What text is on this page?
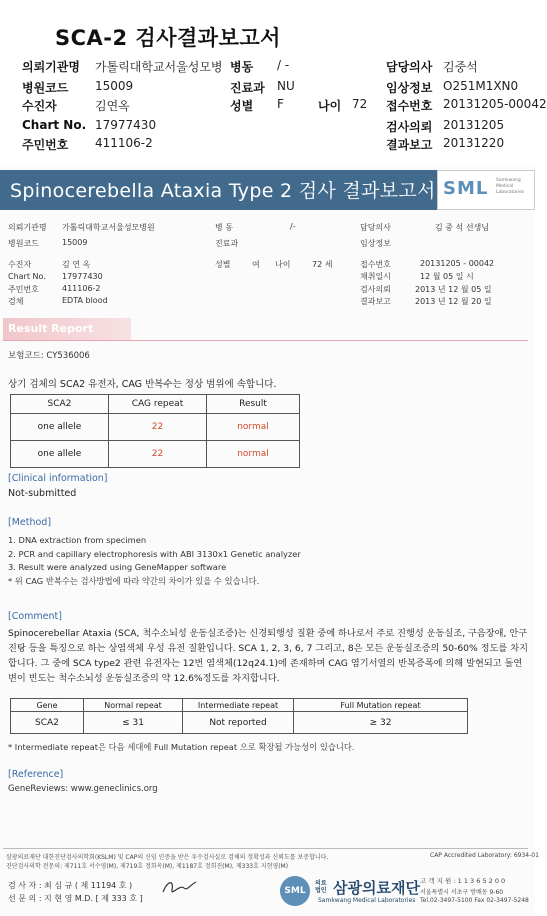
SCA-2 검사결과보고서
의뢰기관명 가톨릭대학교서울성모병 병동 / -	담당의사 김중석
병원코드 15009	진료과 NU	임상정보 O251M1XN0
수진자	김연옥	성별 F	나이 72 접수번호 20131205-00042
Chart No. 17977430	검사의뢰 20131205
주민번호 411106-2	결과보고 20131220
Spinocerebella Ataxia Type 2 검사 결과보고서 SML Samkwang Medical Laboratories
의뢰기관명 가톨릭대학교서울성모병원
병원코드	15009
수진자	김 연 옥
Chart No. 17977430
주민번호	411106-2
검체	EDTA blood
병 동	/-
진료과
성별	여 나이	72 세
담당의사	김 중 석 선생님
임상정보
접수번호	20131205 - 00042
채취일시	12 월 05 일 시
검사의뢰	2013 년 12 월 05 일
결과보고	2013 년 12 월 20 일
Result Report
보험코드: CY536006
상기 검체의 SCA2 유전자, CAG 반복수는 정상 범위에 속합니다.
SCA2	CAG repeat	Result
one allele	22	normal
one allele	22	normal
[Clinical information]
Not-submitted
[Method]
1. DNA extraction from specimen
2. PCR and capillary electrophoresis with ABI 3130x1 Genetic analyzer
3. Result were analyzed using GeneMapper software
* 위 CAG 반복수는 검사방법에 따라 약간의 차이가 있을 수 있습니다.
[Comment]
Spinocerebellar Ataxia (SCA, 척수소뇌성 운동실조증)는 신경퇴행성 질환 중에 하나로서 주로 진행성 운동실조, 구음장애, 안구진탕 등을 특징으로 하는 상염색체 우성 유전 질환입니다. SCA 1, 2, 3, 6, 7 그리고, 8은 모든 운동실조증의 50-60% 정도를 차지합니다. 그 중에 SCA type2 관련 유전자는 12번 염색체(12q24.1)에 존재하며 CAG 염기서열의 반복증폭에 의해 발현되고 돌연변이 빈도는 척수소뇌성 운동실조증의 약 12.6%정도를 차지합니다.
Gene	Normal repeat	Intermediate repeat	Full Mutation repeat
SCA2	≤ 31	Not reported	≥ 32
* Intermediate repeat은 다음 세대에 Full Mutation repeat 으로 확장될 가능성이 있습니다.
[Reference]
GeneReviews: www.geneclinics.org
삼광의료재단 대한진단검사의학회(KSLM) 및 CAP의 신임 인증을 받은 우수검사실로 검체의 정확성과 신뢰도를 보증합니다.
진단검사의학 전문의: 제711호 서수영(M), 제719호 정희옥(M), 제1187호 정희진(M), 제333호 지현영(M)
CAP Accredited Laboratory: 6934-01
검 사 자 : 최 심 규 ( 제 11194 호 )
선 문 의 : 지 현 영 M.D. [ 제 333 호 ]
SML
의료 법인 삼광의료재단
Samkwang Medical Laboratories
고 객 지 원 : 1 1 3 6 5 2 0 0
서울특별시 서초구 방배동 9-60
Tel.02-3497-5100 Fax 02-3497-5248
